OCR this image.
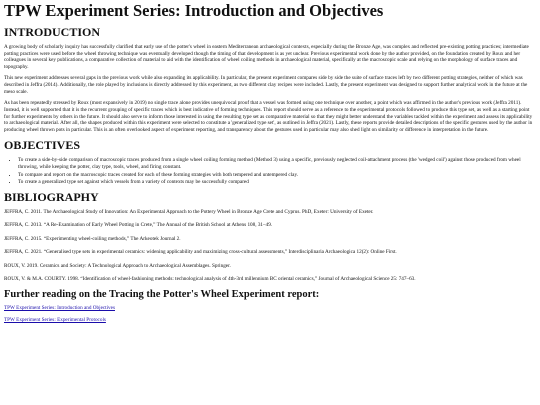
TPW Experiment Series: Introduction and Objectives
INTRODUCTION

A growing body of scholarly inquiry has successfully clarified that early use of the potter's wheel in eastern Mediterranean archaeological contexts, especially during the Bronze Age, was complex and reflected pre-existing potting practices; intermediate potting practices were used before the wheel throwing technique was eventually developed though the timing of that development is as yet unclear. Previous experimental work done by the author provided, on the foundation created by Roux and her colleagues in several key publications, a comparative collection of material to aid with the identification of wheel coiling methods in archaeological material, specifically at the macroscopic scale and relying on the morphology of surface traces and topography.

This new experiment addresses several gaps in the previous work while also expanding its applicability. In particular, the present experiment compares side by side the suite of surface traces left by two different potting strategies, neither of which was described in Jeffra (2014). Additionally, the role played by inclusions is directly addressed by this experiment, as two different clay recipes were included. Lastly, the present experiment was designed to support further analytical work in the future at the meso scale.

As has been repeatedly stressed by Roux (most expansively in 2019) no single trace alone provides unequivocal proof that a vessel was formed using one technique over another, a point which was affirmed in the author's previous work (Jeffra 2011). Instead, it is well supported that it is the recurrent grouping of specific traces which is best indicative of forming techniques. This report should serve as a reference to the experimental protocols followed to produce this type set, as well as a starting point for further experiments by others in the future. It should also serve to inform those interested in using the resulting type set as comparative material so that they might better understand the variables tackled within the experiment and assess its applicability to archaeological material. After all, the shapes produced within this experiment were selected to constitute a 'generalized type set', as outlined in Jeffra (2021). Lastly, these reports provide detailed descriptions of the specific gestures used by the author in producing wheel thrown pots in particular. This is an often overlooked aspect of experiment reporting, and transparency about the gestures used in particular may also shed light on similarity or difference in interpretation in the future.

OBJECTIVES
• To create a side-by-side comparison of macroscopic traces produced from a single wheel coiling forming method (Method 3) using a specific, previously neglected coil-attachment process (the 'wedged coil') against those produced from wheel throwing, while keeping the potter, clay type, tools, wheel, and firing constant.
• To compare and report on the macroscopic traces created for each of these forming strategies with both tempered and untempered clay.
• To create a generalized type set against which vessels from a variety of contexts may be successfully compared
BIBLIOGRAPHY

JEFFRA, C. 2011. The Archaeological Study of Innovation: An Experimental Approach to the Pottery Wheel in Bronze Age Crete and Cyprus. PhD, Exeter: University of Exeter.

JEFFRA, C. 2013. “A Re-Examination of Early Wheel Potting in Crete,” The Annual of the British School at Athens 108, 31–49.

JEFFRA, C. 2015. “Experimenting wheel-coiling methods,” The Arkeotek Journal 2.

JEFFRA, C. 2021. “Generalised type sets in experimental ceramics: widening applicability and maximizing cross-cultural assessments,” Interdisciplinaria Archaeologica 12(2): Online First.

ROUX, V. 2019. Ceramics and Society: A Technological Approach to Archaeological Assemblages. Springer.

ROUX, V. & M.A. COURTY. 1998. “Identification of wheel-fashioning methods: technological analysis of 4th-3rd millennium BC oriental ceramics,” Journal of Archaeological Science 25: 747–63.

Further reading on the Tracing the Potter's Wheel Experiment report:
TPW Experiment Series: Introduction and Objectives
TPW Experiment Series: Experimental Protocols
